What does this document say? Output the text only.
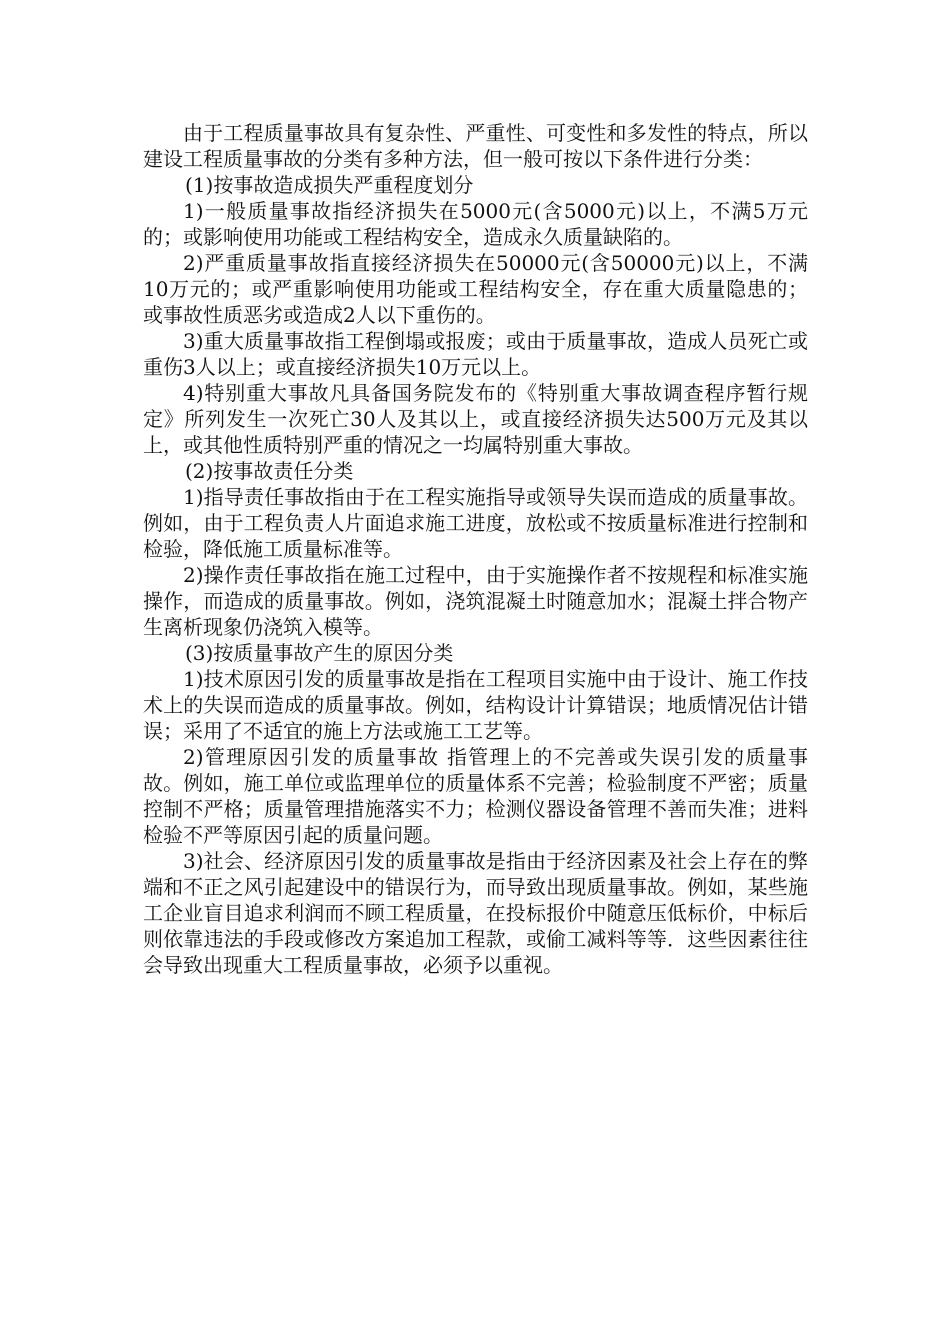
由于工程质量事故具有复杂性、严重性、可变性和多发性的特点，所以建设工程质量事故的分类有多种方法，但一般可按以下条件进行分类：

(1)按事故造成损失严重程度划分

1)一般质量事故指经济损失在5000元(含5000元)以上，不满5万元的；或影响使用功能或工程结构安全，造成永久质量缺陷的。

2)严重质量事故指直接经济损失在50000元(含50000元)以上，不满10万元的；或严重影响使用功能或工程结构安全，存在重大质量隐患的；或事故性质恶劣或造成2人以下重伤的。

3)重大质量事故指工程倒塌或报废；或由于质量事故，造成人员死亡或重伤3人以上；或直接经济损失10万元以上。

4)特别重大事故凡具备国务院发布的《特别重大事故调查程序暂行规定》所列发生一次死亡30人及其以上，或直接经济损失达500万元及其以上，或其他性质特别严重的情况之一均属特别重大事故。

(2)按事故责任分类

1)指导责任事故指由于在工程实施指导或领导失误而造成的质量事故。例如，由于工程负责人片面追求施工进度，放松或不按质量标准进行控制和检验，降低施工质量标准等。

2)操作责任事故指在施工过程中，由于实施操作者不按规程和标准实施操作，而造成的质量事故。例如，浇筑混凝土时随意加水；混凝土拌合物产生离析现象仍浇筑入模等。

(3)按质量事故产生的原因分类

1)技术原因引发的质量事故是指在工程项目实施中由于设计、施工作技术上的失误而造成的质量事故。例如，结构设计计算错误；地质情况估计错误；采用了不适宜的施上方法或施工工艺等。

2)管理原因引发的质量事故 指管理上的不完善或失误引发的质量事故。例如，施工单位或监理单位的质量体系不完善；检验制度不严密；质量控制不严格；质量管理措施落实不力；检测仪器设备管理不善而失准；进料检验不严等原因引起的质量问题。

3)社会、经济原因引发的质量事故是指由于经济因素及社会上存在的弊端和不正之风引起建设中的错误行为，而导致出现质量事故。例如，某些施工企业盲目追求利润而不顾工程质量，在投标报价中随意压低标价，中标后则依靠违法的手段或修改方案追加工程款，或偷工减料等等．这些因素往往会导致出现重大工程质量事故，必须予以重视。
